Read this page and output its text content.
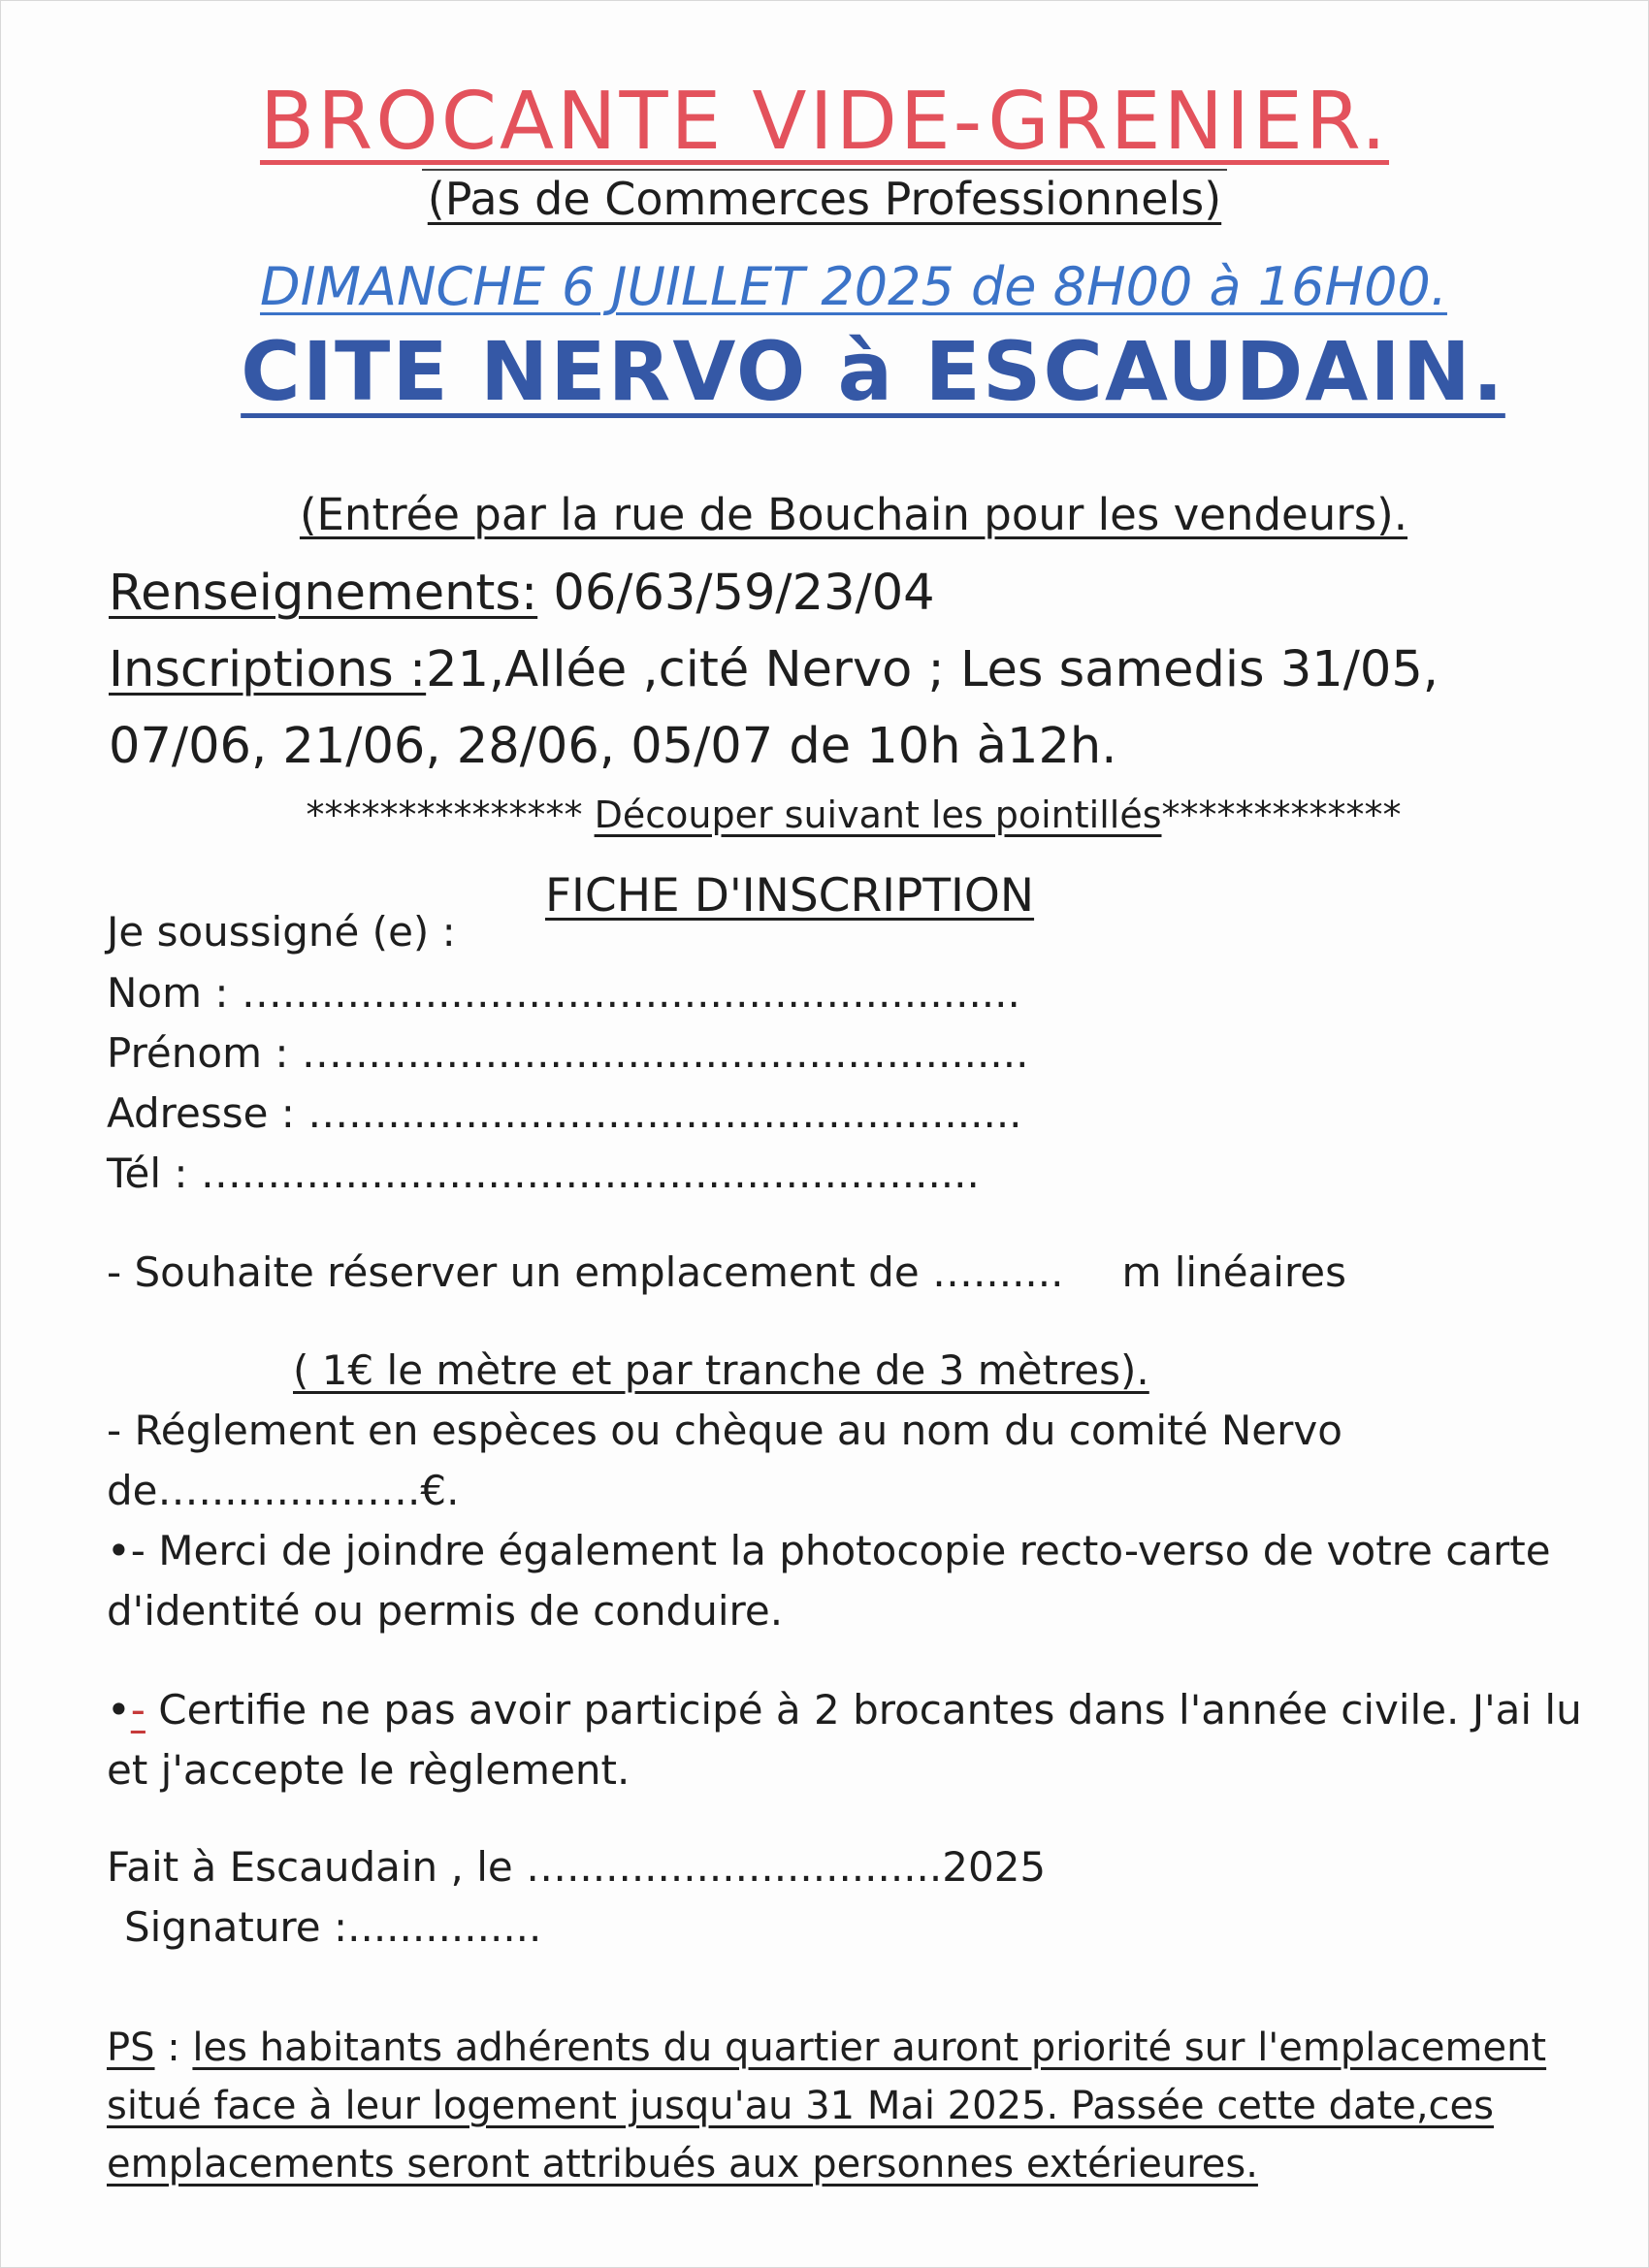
BROCANTE VIDE-GRENIER.
(Pas de Commerces Professionnels)
DIMANCHE 6 JUILLET 2025 de 8H00 à 16H00.
CITE NERVO à ESCAUDAIN.
(Entrée par la rue de Bouchain pour les vendeurs).
Renseignements: 06/63/59/23/04
Inscriptions :21,Allée ,cité Nervo ; Les samedis 31/05,
07/06, 21/06, 28/06, 05/07 de 10h à12h.
*************** Découper suivant les pointillés*************
FICHE D'INSCRIPTION
Je soussigné (e) :
Nom : ….........................................................
Prénom : ….....................................................
Adresse : …....................................................
Tél : ….........................................................
- Souhaite réserver un emplacement de …....... m linéaires
( 1€ le mètre et par tranche de 3 mètres).
- Réglement en espèces ou chèque au nom du comité Nervo
de….............….€.
•- Merci de joindre également la photocopie recto-verso de votre carte
d'identité ou permis de conduire.
•- Certifie ne pas avoir participé à 2 brocantes dans l'année civile. J'ai lu
et j'accepte le règlement.
Fait à Escaudain , le ….............................2025
Signature :...............
PS : les habitants adhérents du quartier auront priorité sur l'emplacement
situé face à leur logement jusqu'au 31 Mai 2025. Passée cette date,ces
emplacements seront attribués aux personnes extérieures.
